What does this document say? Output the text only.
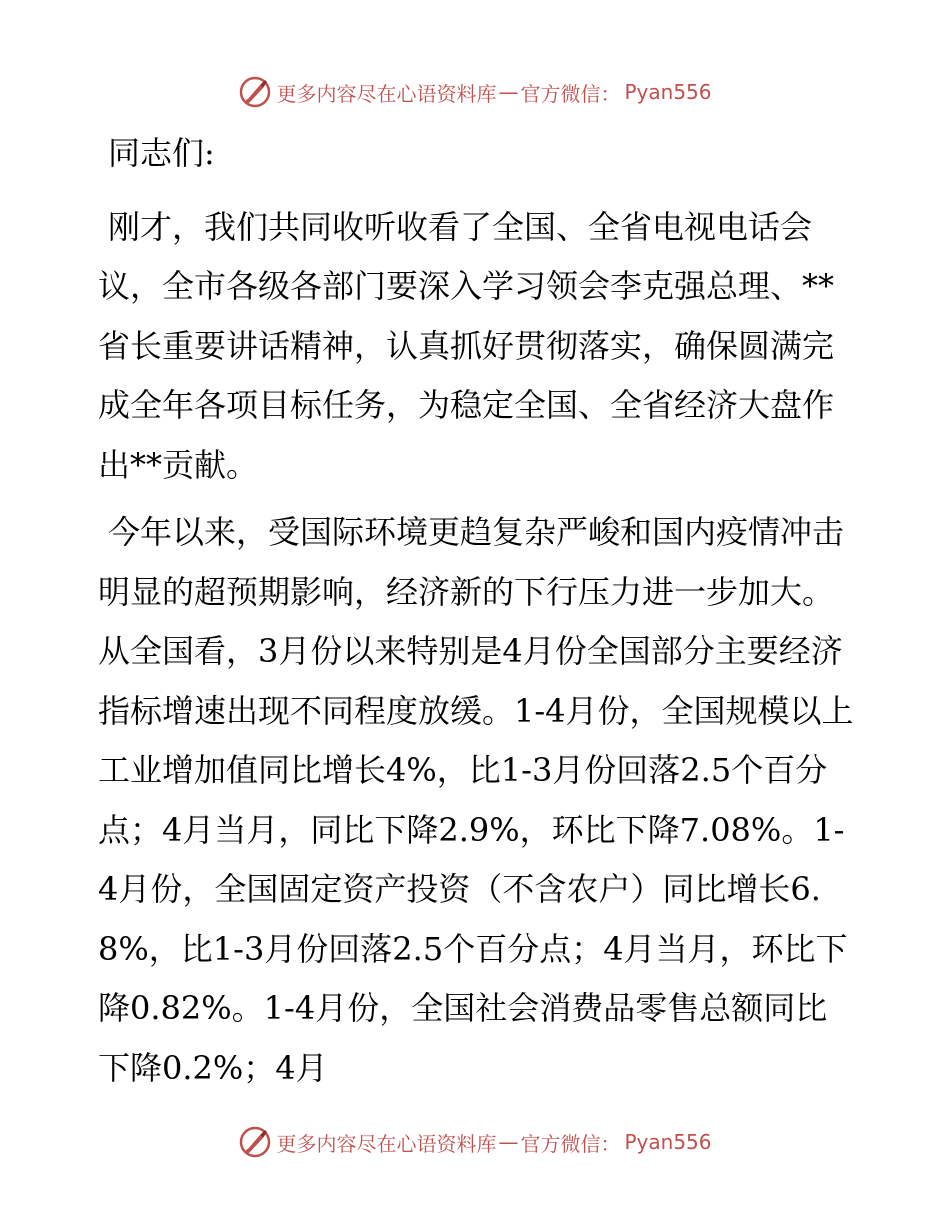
更多内容尽在心语资料库 — 官方微信： Pyan556

同志们:

刚才，我们共同收听收看了全国、全省电视电话会议，全市各级各部门要深入学习领会李克强总理、**省长重要讲话精神，认真抓好贯彻落实，确保圆满完成全年各项目标任务，为稳定全国、全省经济大盘作出**贡献。

今年以来，受国际环境更趋复杂严峻和国内疫情冲击明显的超预期影响，经济新的下行压力进一步加大。从全国看，3月份以来特别是4月份全国部分主要经济指标增速出现不同程度放缓。1-4月份，全国规模以上工业增加值同比增长4%，比1-3月份回落2.5个百分点；4月当月，同比下降2.9%，环比下降7.08%。1-4月份，全国固定资产投资（不含农户）同比增长6.8%，比1-3月份回落2.5个百分点；4月当月，环比下降0.82%。1-4月份，全国社会消费品零售总额同比下降0.2%；4月

更多内容尽在心语资料库 — 官方微信： Pyan556
